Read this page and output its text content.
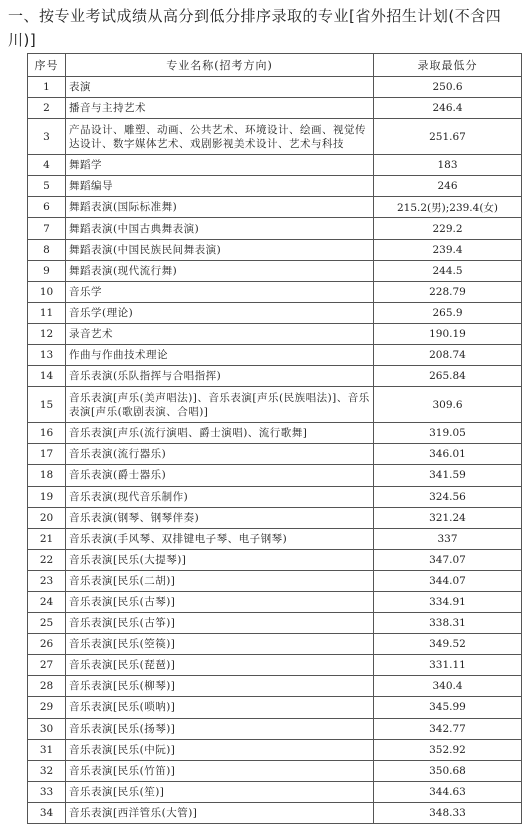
一、按专业考试成绩从高分到低分排序录取的专业[省外招生计划(不含四川)]
序号	专业名称(招考方向)	录取最低分
1	表演	250.6
2	播音与主持艺术	246.4
3	产品设计、雕塑、动画、公共艺术、环境设计、绘画、视觉传达设计、数字媒体艺术、戏剧影视美术设计、艺术与科技	251.67
4	舞蹈学	183
5	舞蹈编导	246
6	舞蹈表演(国际标准舞)	215.2(男);239.4(女)
7	舞蹈表演(中国古典舞表演)	229.2
8	舞蹈表演(中国民族民间舞表演)	239.4
9	舞蹈表演(现代流行舞)	244.5
10	音乐学	228.79
11	音乐学(理论)	265.9
12	录音艺术	190.19
13	作曲与作曲技术理论	208.74
14	音乐表演(乐队指挥与合唱指挥)	265.84
15	音乐表演[声乐(美声唱法)]、音乐表演[声乐(民族唱法)]、音乐表演[声乐(歌剧表演、合唱)]	309.6
16	音乐表演[声乐(流行演唱、爵士演唱)、流行歌舞]	319.05
17	音乐表演(流行器乐)	346.01
18	音乐表演(爵士器乐)	341.59
19	音乐表演(现代音乐制作)	324.56
20	音乐表演(钢琴、钢琴伴奏)	321.24
21	音乐表演(手风琴、双排键电子琴、电子钢琴)	337
22	音乐表演[民乐(大提琴)]	347.07
23	音乐表演[民乐(二胡)]	344.07
24	音乐表演[民乐(古琴)]	334.91
25	音乐表演[民乐(古筝)]	338.31
26	音乐表演[民乐(箜篌)]	349.52
27	音乐表演[民乐(琵琶)]	331.11
28	音乐表演[民乐(柳琴)]	340.4
29	音乐表演[民乐(唢呐)]	345.99
30	音乐表演[民乐(扬琴)]	342.77
31	音乐表演[民乐(中阮)]	352.92
32	音乐表演[民乐(竹笛)]	350.68
33	音乐表演[民乐(笙)]	344.63
34	音乐表演[西洋管乐(大管)]	348.33
